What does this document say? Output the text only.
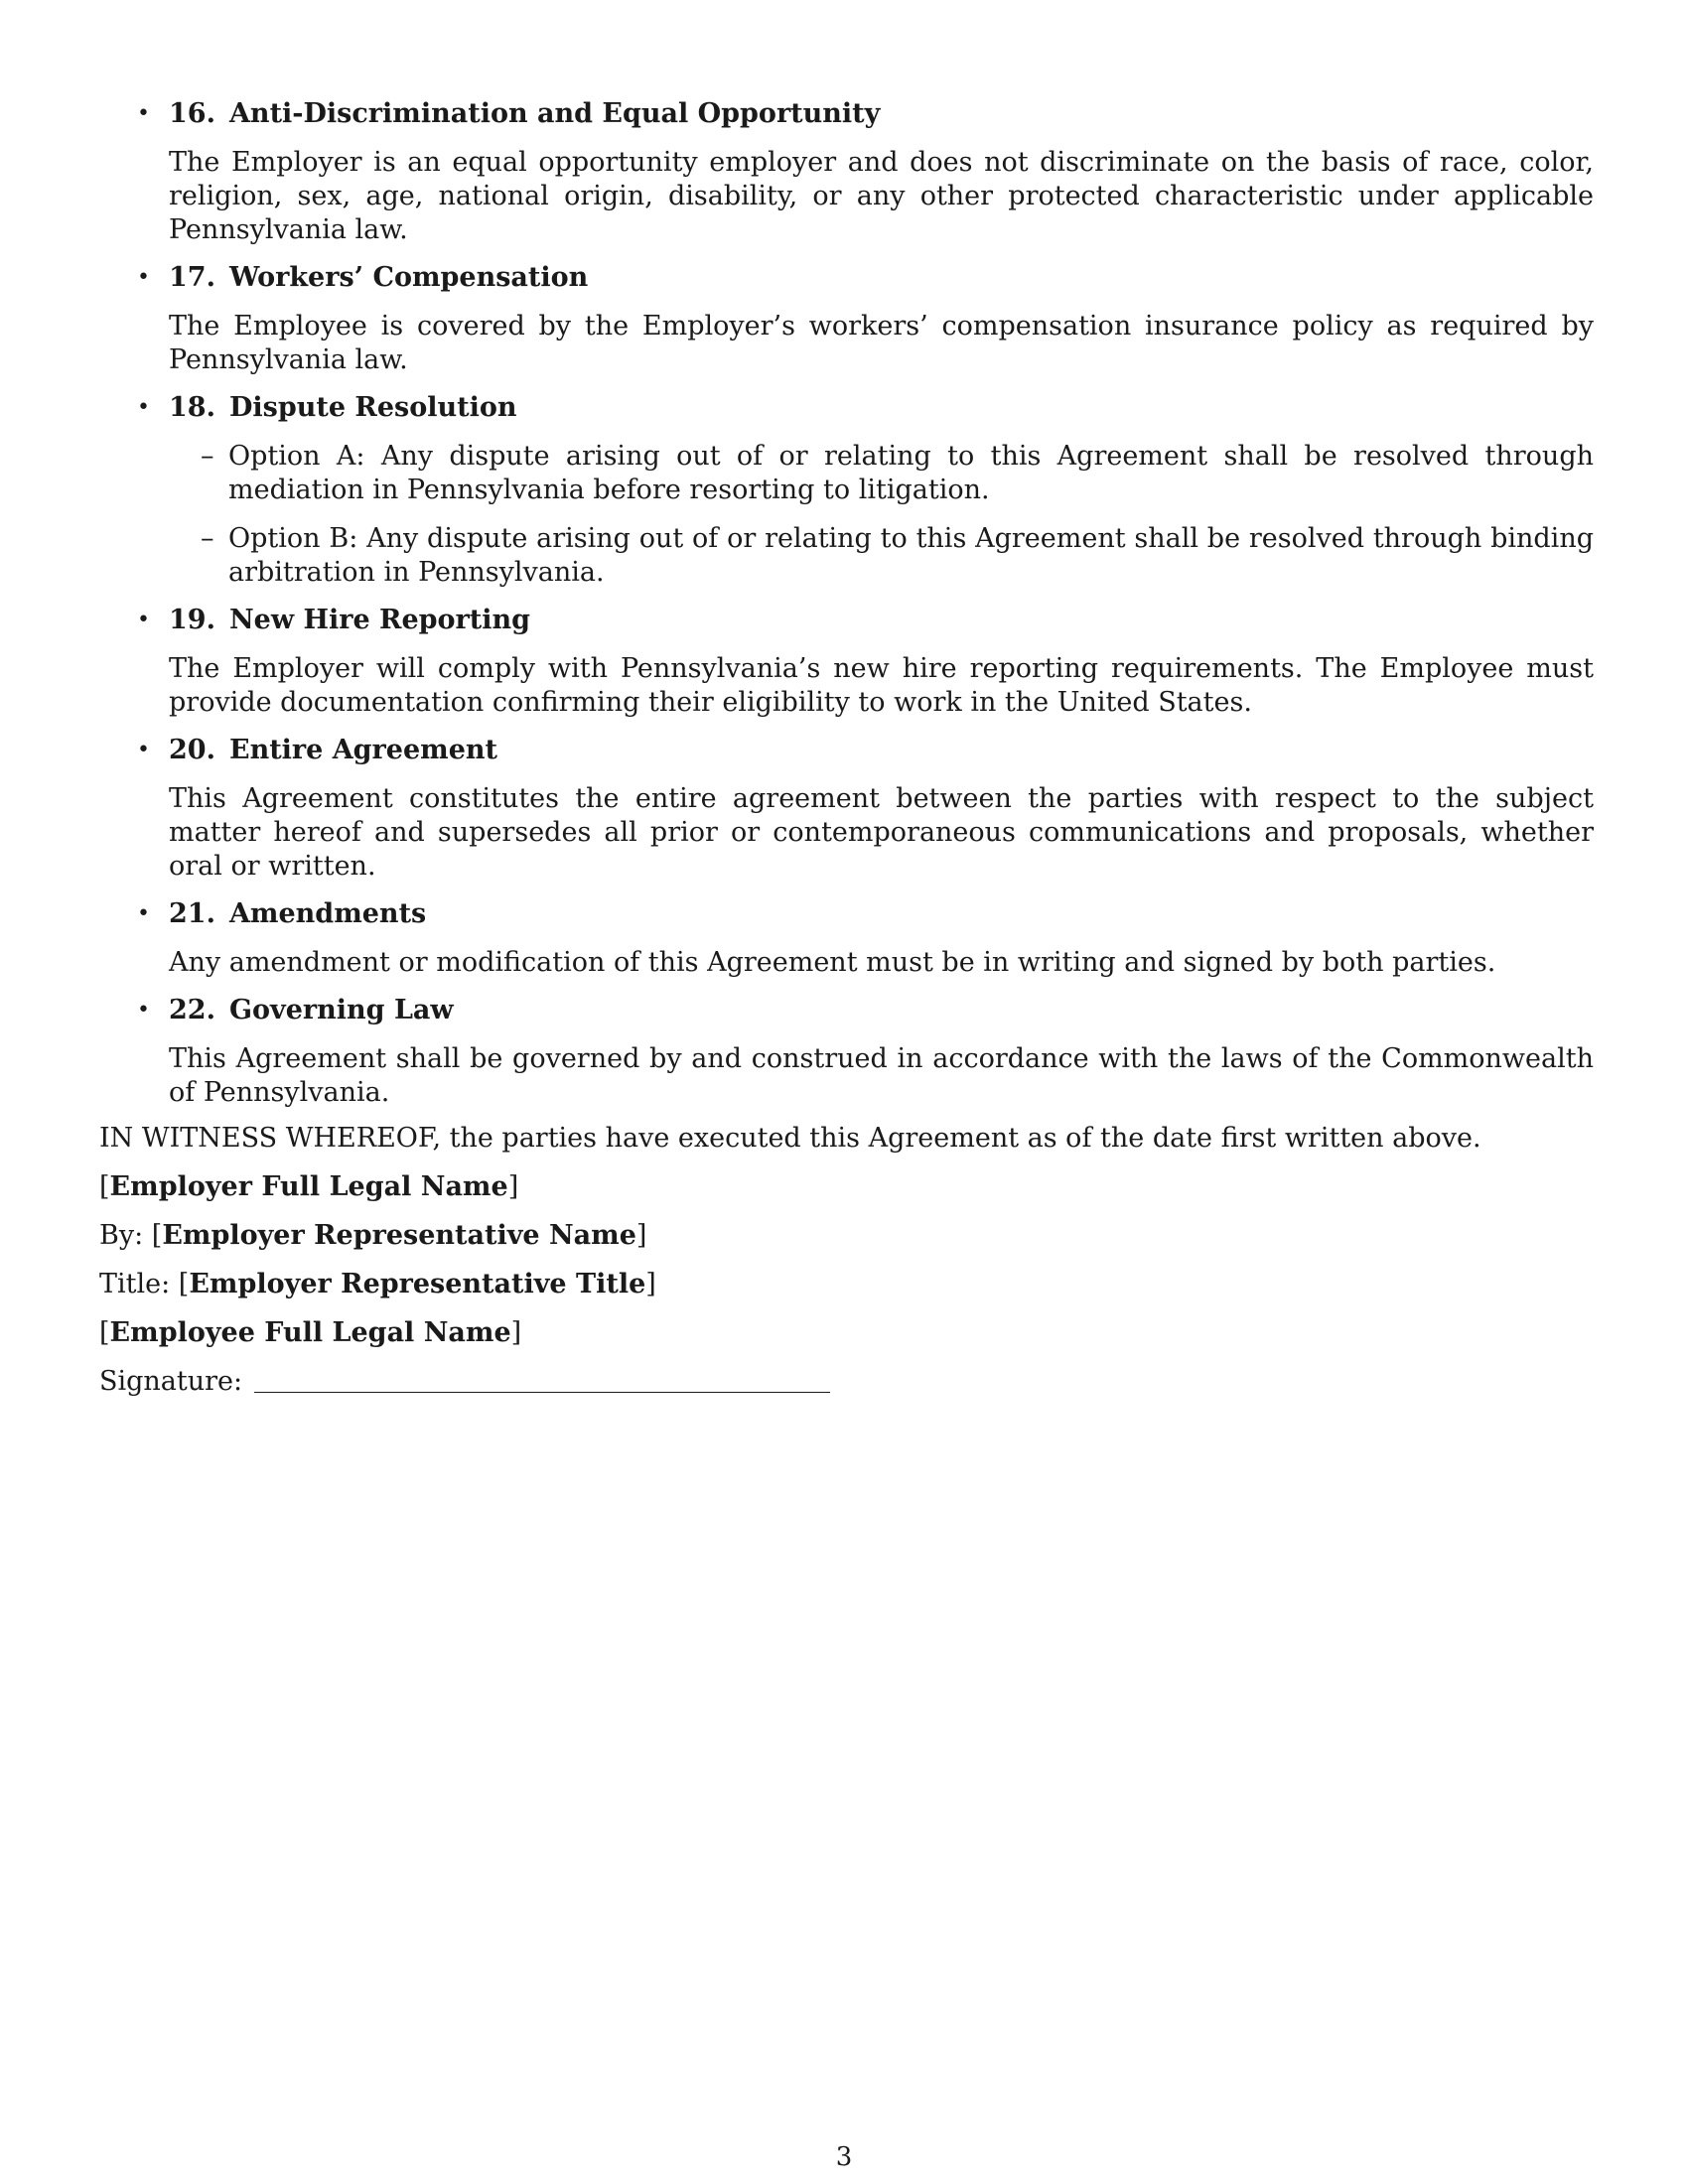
• 16. Anti-Discrimination and Equal Opportunity
The Employer is an equal opportunity employer and does not discriminate on the basis of race, color, religion, sex, age, national origin, disability, or any other protected characteristic under applicable Pennsylvania law.
• 17. Workers’ Compensation
The Employee is covered by the Employer’s workers’ compensation insurance policy as required by Pennsylvania law.
• 18. Dispute Resolution
– Option A: Any dispute arising out of or relating to this Agreement shall be resolved through mediation in Pennsylvania before resorting to litigation.
– Option B: Any dispute arising out of or relating to this Agreement shall be resolved through binding arbitration in Pennsylvania.
• 19. New Hire Reporting
The Employer will comply with Pennsylvania’s new hire reporting requirements. The Employee must provide documentation confirming their eligibility to work in the United States.
• 20. Entire Agreement
This Agreement constitutes the entire agreement between the parties with respect to the subject matter hereof and supersedes all prior or contemporaneous communications and proposals, whether oral or written.
• 21. Amendments
Any amendment or modification of this Agreement must be in writing and signed by both parties.
• 22. Governing Law
This Agreement shall be governed by and construed in accordance with the laws of the Commonwealth of Pennsylvania.
IN WITNESS WHEREOF, the parties have executed this Agreement as of the date first written above.
[Employer Full Legal Name]
By: [Employer Representative Name]
Title: [Employer Representative Title]
[Employee Full Legal Name]
Signature:
3
